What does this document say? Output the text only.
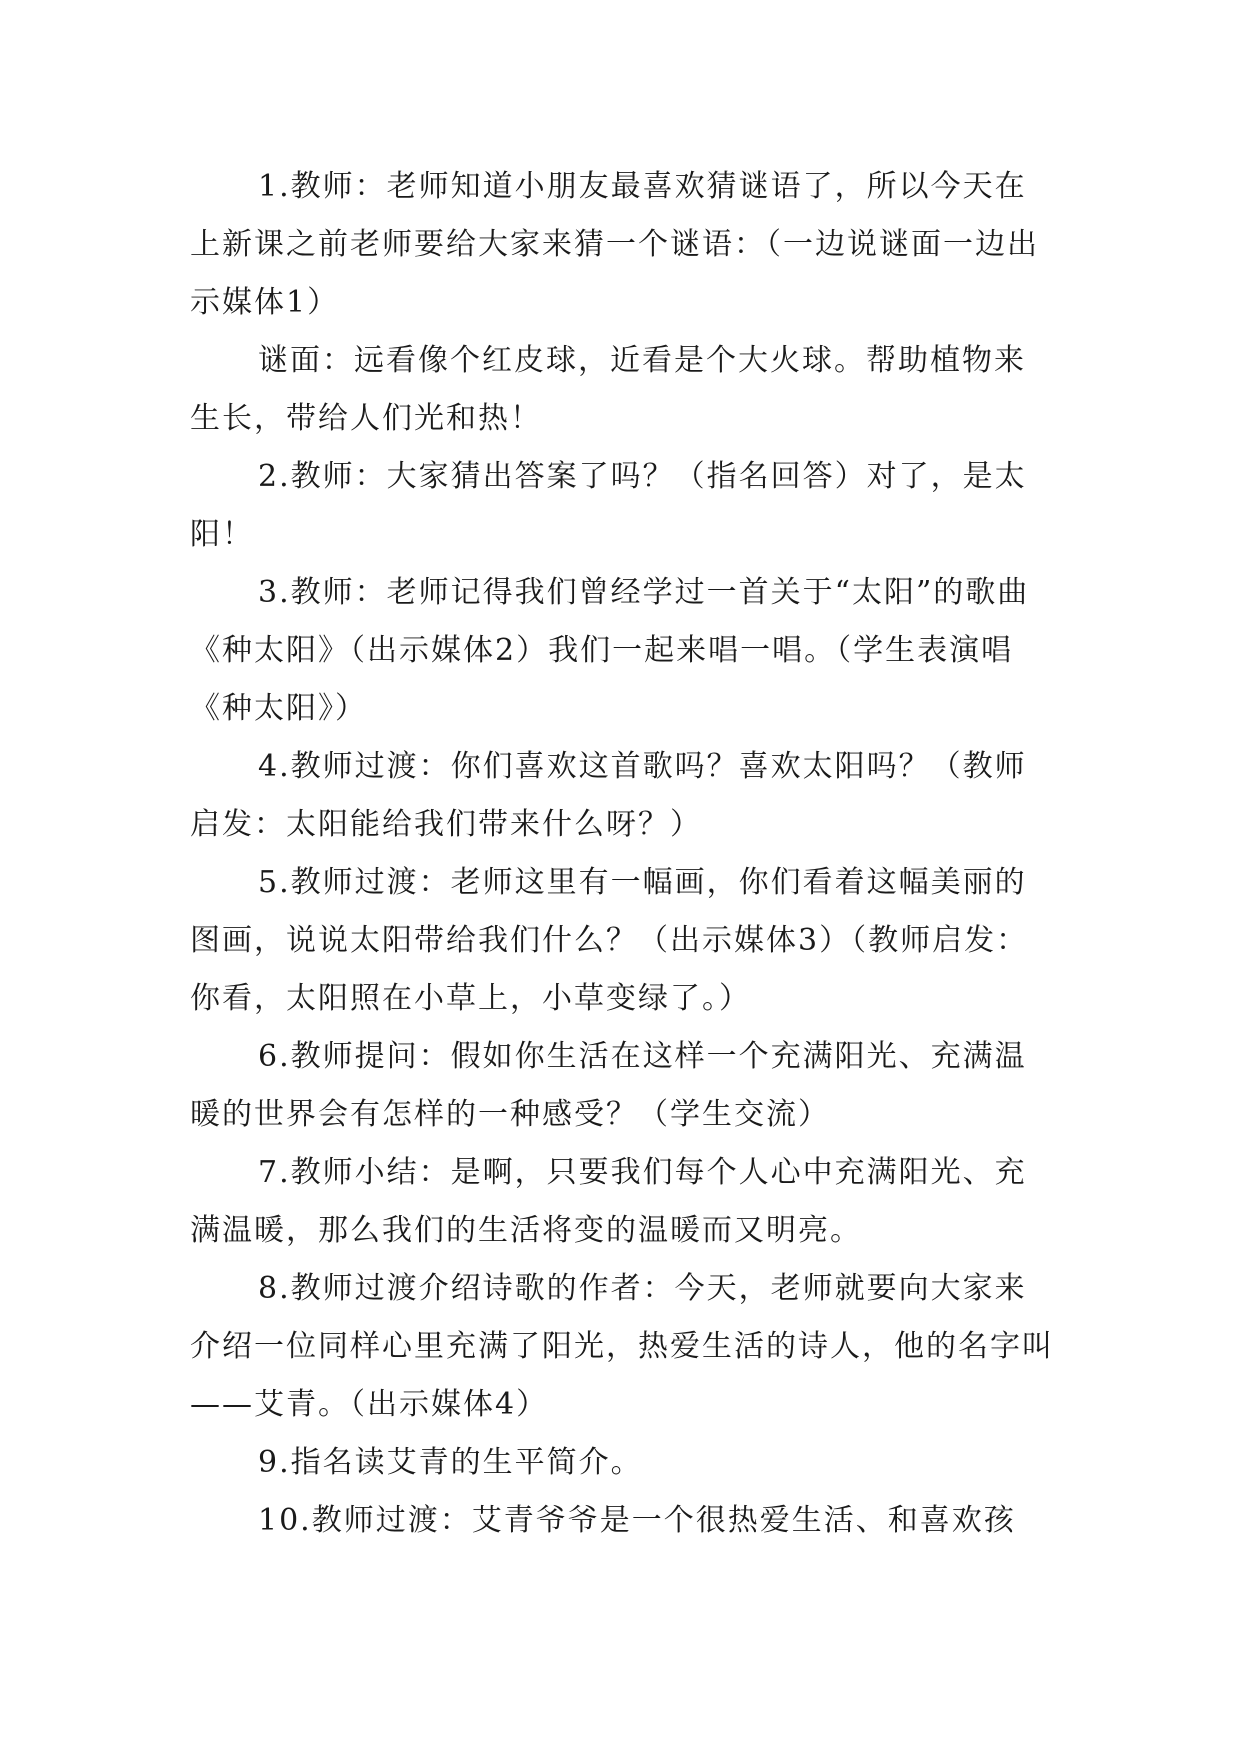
1.教师：老师知道小朋友最喜欢猜谜语了，所以今天在上新课之前老师要给大家来猜一个谜语：（一边说谜面一边出示媒体1）

谜面：远看像个红皮球，近看是个大火球。帮助植物来生长，带给人们光和热！

2.教师：大家猜出答案了吗？（指名回答）对了，是太阳！

3.教师：老师记得我们曾经学过一首关于“太阳”的歌曲《种太阳》（出示媒体2）我们一起来唱一唱。（学生表演唱《种太阳》）

4.教师过渡：你们喜欢这首歌吗？喜欢太阳吗？（教师启发：太阳能给我们带来什么呀？）

5.教师过渡：老师这里有一幅画，你们看着这幅美丽的图画，说说太阳带给我们什么？（出示媒体3）（教师启发：你看，太阳照在小草上，小草变绿了。）

6.教师提问：假如你生活在这样一个充满阳光、充满温暖的世界会有怎样的一种感受？（学生交流）

7.教师小结：是啊，只要我们每个人心中充满阳光、充满温暖，那么我们的生活将变的温暖而又明亮。

8.教师过渡介绍诗歌的作者：今天，老师就要向大家来介绍一位同样心里充满了阳光，热爱生活的诗人，他的名字叫——艾青。（出示媒体4）

9.指名读艾青的生平简介。

10.教师过渡：艾青爷爷是一个很热爱生活、和喜欢孩
